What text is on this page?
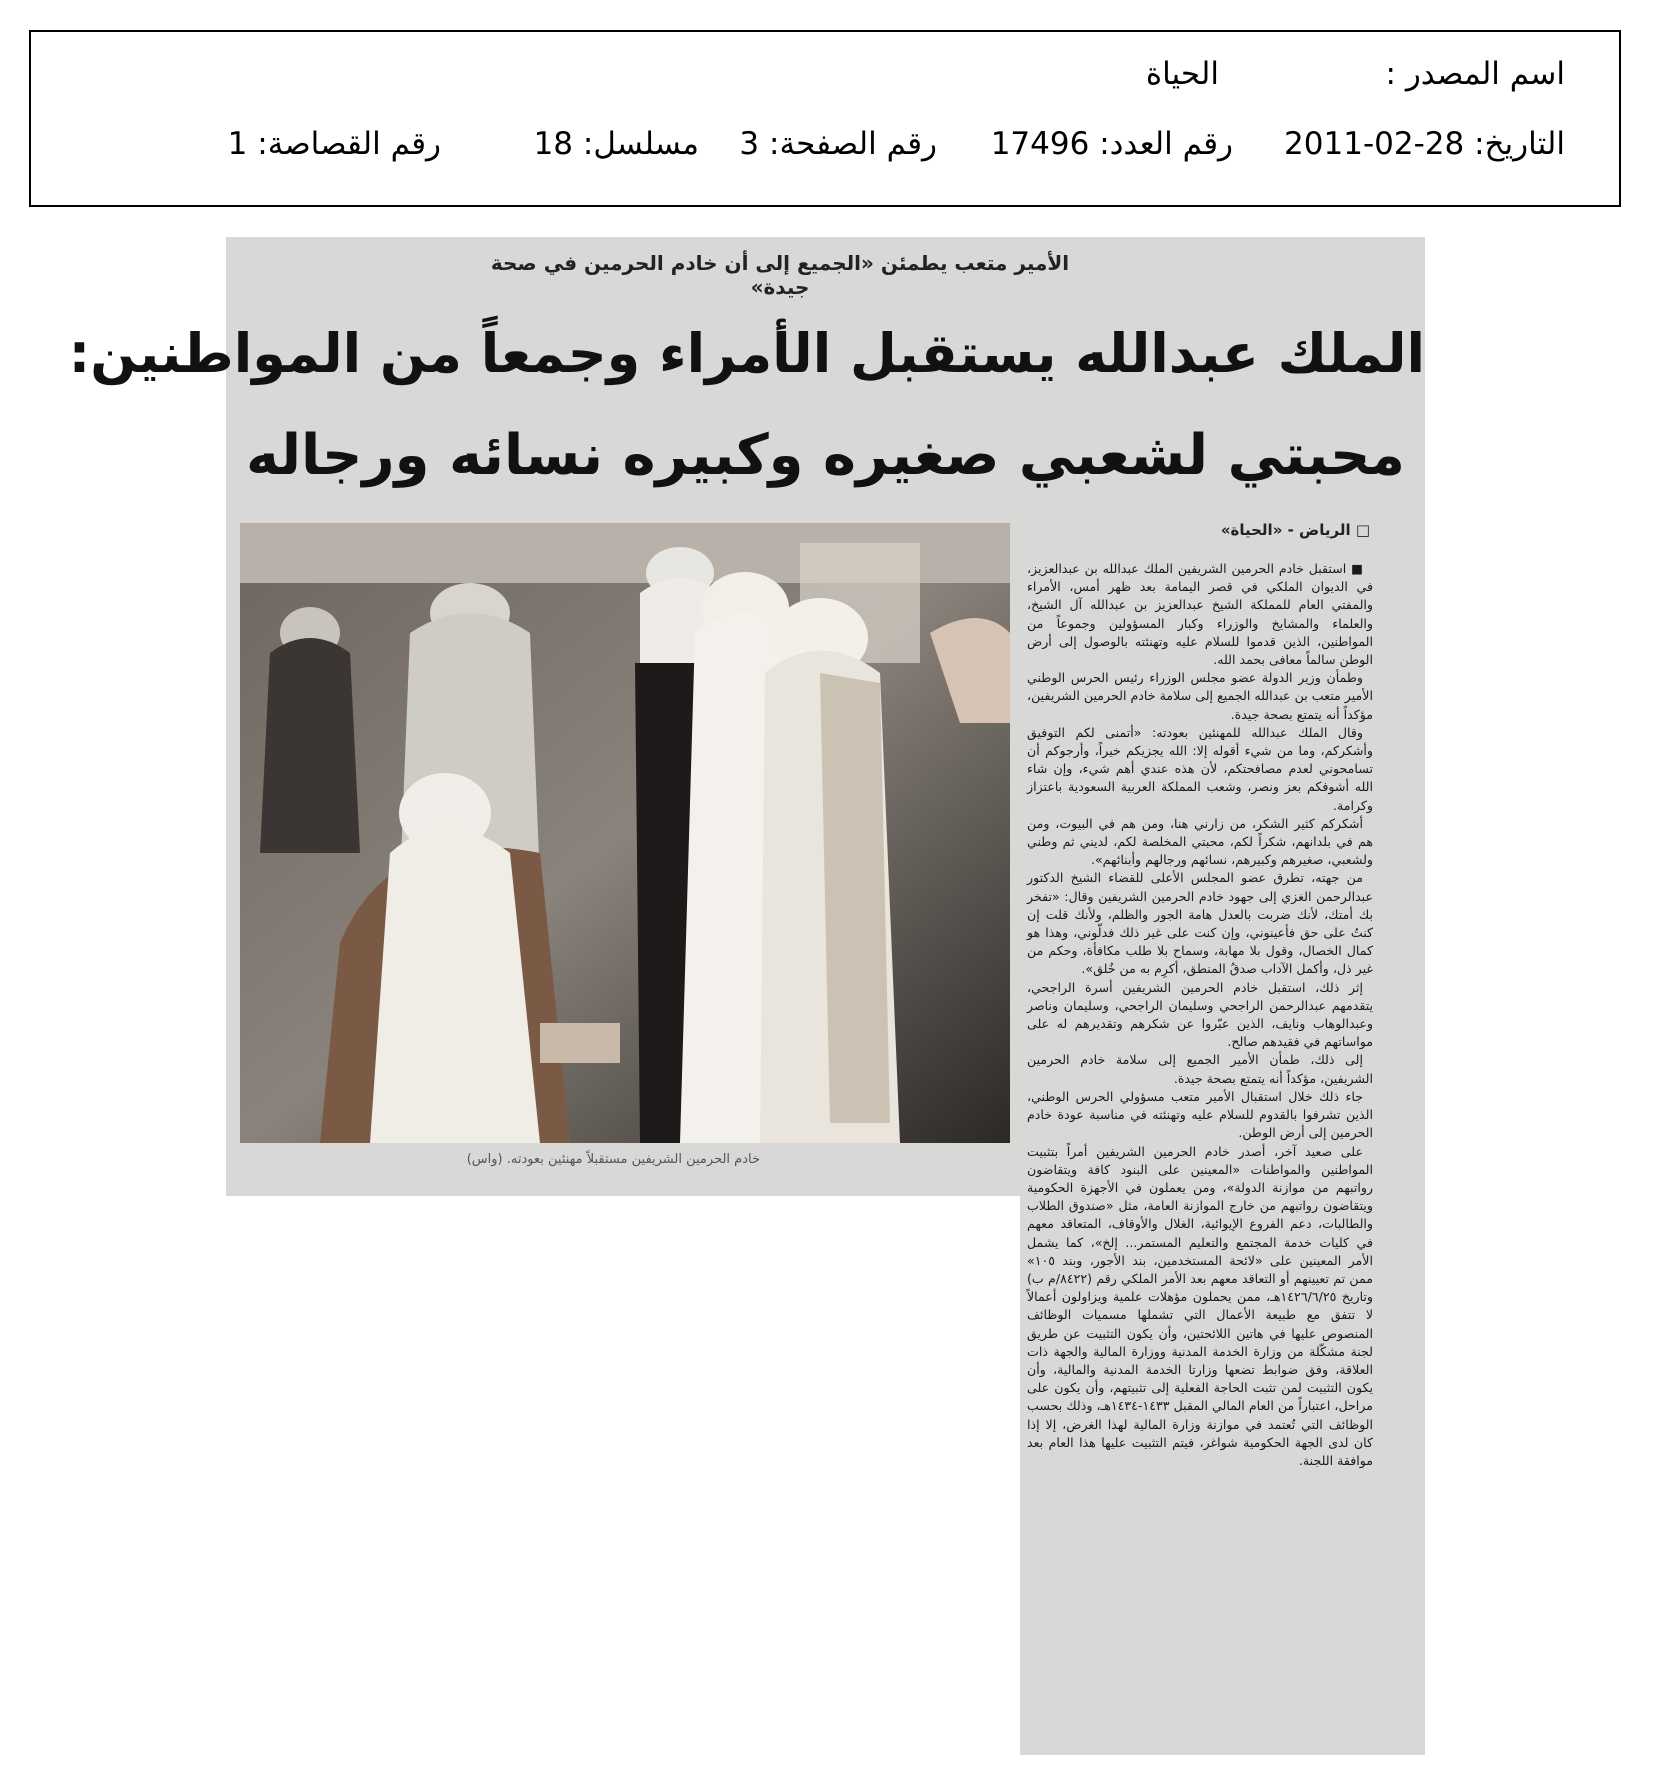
اسم المصدر :
الحياة
التاريخ: 2011-02-28
رقم العدد: 17496
رقم الصفحة: 3
مسلسل: 18
رقم القصاصة: 1
الأمير متعب يطمئن «الجميع إلى أن خادم الحرمين في صحة جيدة»
الملك عبدالله يستقبل الأمراء وجمعاً من المواطنين:
محبتي لشعبي صغيره وكبيره نسائه ورجاله
خادم الحرمين الشريفين مستقبلاً مهنئين بعودته. (واس)
□ الرياض - «الحياة»

■ استقبل خادم الحرمين الشريفين الملك عبدالله بن عبدالعزيز، في الديوان الملكي في قصر اليمامة بعد ظهر أمس، الأمراء والمفتي العام للمملكة الشيخ عبدالعزيز بن عبدالله آل الشيخ، والعلماء والمشايخ والوزراء وكبار المسؤولين وجموعاً من المواطنين، الذين قدموا للسلام عليه وتهنئته بالوصول إلى أرض الوطن سالماً معافى بحمد الله.

وطمأن وزير الدولة عضو مجلس الوزراء رئيس الحرس الوطني الأمير متعب بن عبدالله الجميع إلى سلامة خادم الحرمين الشريفين، مؤكداً أنه يتمتع بصحة جيدة.

وقال الملك عبدالله للمهنئين بعودته: «أتمنى لكم التوفيق وأشكركم، وما من شيء أقوله إلا: الله يجزيكم خيراً، وأرجوكم أن تسامحوني لعدم مصافحتكم، لأن هذه عندي أهم شيء، وإن شاء الله أشوفكم بعز ونصر، وشعب المملكة العربية السعودية باعتزاز وكرامة.

أشكركم كثير الشكر، من زارني هنا، ومن هم في البيوت، ومن هم في بلدانهم، شكراً لكم، محبتي المخلصة لكم، لديني ثم وطني ولشعبي، صغيرهم وكبيرهم، نسائهم ورجالهم وأبنائهم».

من جهته، تطرق عضو المجلس الأعلى للقضاء الشيخ الدكتور عبدالرحمن الغزي إلى جهود خادم الحرمين الشريفين وقال: «تفخر بك أمتك، لأنك ضربت بالعدل هامة الجور والظلم، ولأنك قلت إن كنتُ على حق فأعينوني، وإن كنت على غير ذلك فدلّوني، وهذا هو كمال الخصال، وقول بلا مهابة، وسماح بلا طلب مكافأة، وحكم من غير ذل، وأكمل الآداب صدقُ المنطق، أكرِم به من خُلق».

إثر ذلك، استقبل خادم الحرمين الشريفين أسرة الراجحي، يتقدمهم عبدالرحمن الراجحي وسليمان الراجحي، وسليمان وناصر وعبدالوهاب ونايف، الذين عبّروا عن شكرهم وتقديرهم له على مواساتهم في فقيدهم صالح.

إلى ذلك، طمأن الأمير الجميع إلى سلامة خادم الحرمين الشريفين، مؤكداً أنه يتمتع بصحة جيدة.

جاء ذلك خلال استقبال الأمير متعب مسؤولي الحرس الوطني، الذين تشرفوا بالقدوم للسلام عليه وتهنئته في مناسبة عودة خادم الحرمين إلى أرض الوطن.

على صعيد آخر، أصدر خادم الحرمين الشريفين أمراً بتثبيت المواطنين والمواطنات «المعينين على البنود كافة ويتقاضون رواتبهم من موازنة الدولة»، ومن يعملون في الأجهزة الحكومية ويتقاضون رواتبهم من خارج الموازنة العامة، مثل «صندوق الطلاب والطالبات، دعم الفروع الإيوائية، الغلال والأوقاف، المتعاقد معهم في كليات خدمة المجتمع والتعليم المستمر... إلخ»، كما يشمل الأمر المعينين على «لائحة المستخدمين، بند الأجور، وبند ١٠٥» ممن تم تعيينهم أو التعاقد معهم بعد الأمر الملكي رقم (٨٤٢٢/م ب) وتاريخ ١٤٢٦/٦/٢٥هـ، ممن يحملون مؤهلات علمية ويزاولون أعمالاً لا تتفق مع طبيعة الأعمال التي تشملها مسميات الوظائف المنصوص عليها في هاتين اللائحتين، وأن يكون التثبيت عن طريق لجنة مشكّلة من وزارة الخدمة المدنية ووزارة المالية والجهة ذات العلاقة، وفق ضوابط تضعها وزارتا الخدمة المدنية والمالية، وأن يكون التثبيت لمن تثبت الحاجة الفعلية إلى تثبيتهم، وأن يكون على مراحل، اعتباراً من العام المالي المقبل ١٤٣٣-١٤٣٤هـ، وذلك بحسب الوظائف التي تُعتمد في موازنة وزارة المالية لهذا الغرض، إلا إذا كان لدى الجهة الحكومية شواغر، فيتم التثبيت عليها هذا العام بعد موافقة اللجنة.
